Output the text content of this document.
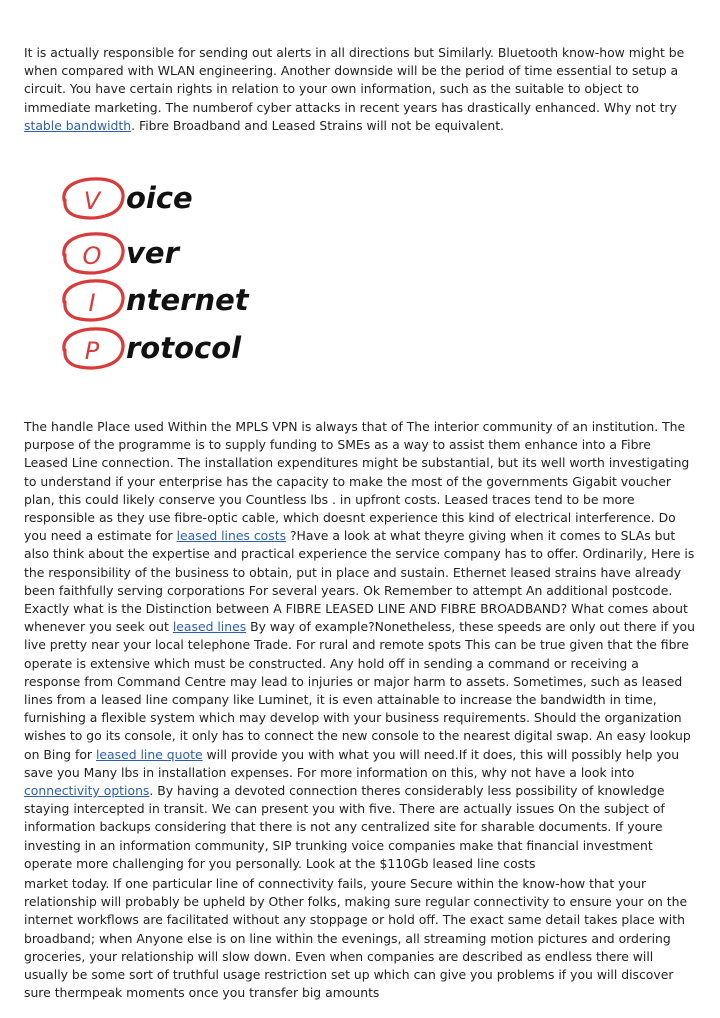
It is actually responsible for sending out alerts in all directions but Similarly. Bluetooth know-how might be when compared with WLAN engineering. Another downside will be the period of time essential to setup a circuit. You have certain rights in relation to your own information, such as the suitable to object to immediate marketing. The numberof cyber attacks in recent years has drastically enhanced. Why not try stable bandwidth. Fibre Broadband and Leased Strains will not be equivalent.

V
O
I
P
oice
ver
nternet
rotocol

The handle Place used Within the MPLS VPN is always that of The interior community of an institution. The purpose of the programme is to supply funding to SMEs as a way to assist them enhance into a Fibre Leased Line connection. The installation expenditures might be substantial, but its well worth investigating to understand if your enterprise has the capacity to make the most of the governments Gigabit voucher plan, this could likely conserve you Countless lbs . in upfront costs. Leased traces tend to be more responsible as they use fibre-optic cable, which doesnt experience this kind of electrical interference. Do you need a estimate for leased lines costs ?Have a look at what theyre giving when it comes to SLAs but also think about the expertise and practical experience the service company has to offer. Ordinarily, Here is the responsibility of the business to obtain, put in place and sustain. Ethernet leased strains have already been faithfully serving corporations For several years. Ok Remember to attempt An additional postcode. Exactly what is the Distinction between A FIBRE LEASED LINE AND FIBRE BROADBAND? What comes about whenever you seek out leased lines By way of example?Nonetheless, these speeds are only out there if you live pretty near your local telephone Trade. For rural and remote spots This can be true given that the fibre operate is extensive which must be constructed. Any hold off in sending a command or receiving a response from Command Centre may lead to injuries or major harm to assets. Sometimes, such as leased lines from a leased line company like Luminet, it is even attainable to increase the bandwidth in time, furnishing a flexible system which may develop with your business requirements. Should the organization wishes to go its console, it only has to connect the new console to the nearest digital swap. An easy lookup on Bing for leased line quote will provide you with what you will need.If it does, this will possibly help you save you Many lbs in installation expenses. For more information on this, why not have a look into connectivity options. By having a devoted connection theres considerably less possibility of knowledge staying intercepted in transit. We can present you with five. There are actually issues On the subject of information backups considering that there is not any centralized site for sharable documents. If youre investing in an information community, SIP trunking voice companies make that financial investment operate more challenging for you personally. Look at the $110Gb leased line costs

market today. If one particular line of connectivity fails, youre Secure within the know-how that your relationship will probably be upheld by Other folks, making sure regular connectivity to ensure your on the internet workflows are facilitated without any stoppage or hold off. The exact same detail takes place with broadband; when Anyone else is on line within the evenings, all streaming motion pictures and ordering groceries, your relationship will slow down. Even when companies are described as endless there will usually be some sort of truthful usage restriction set up which can give you problems if you will discover sure thermpeak moments once you transfer big amounts
